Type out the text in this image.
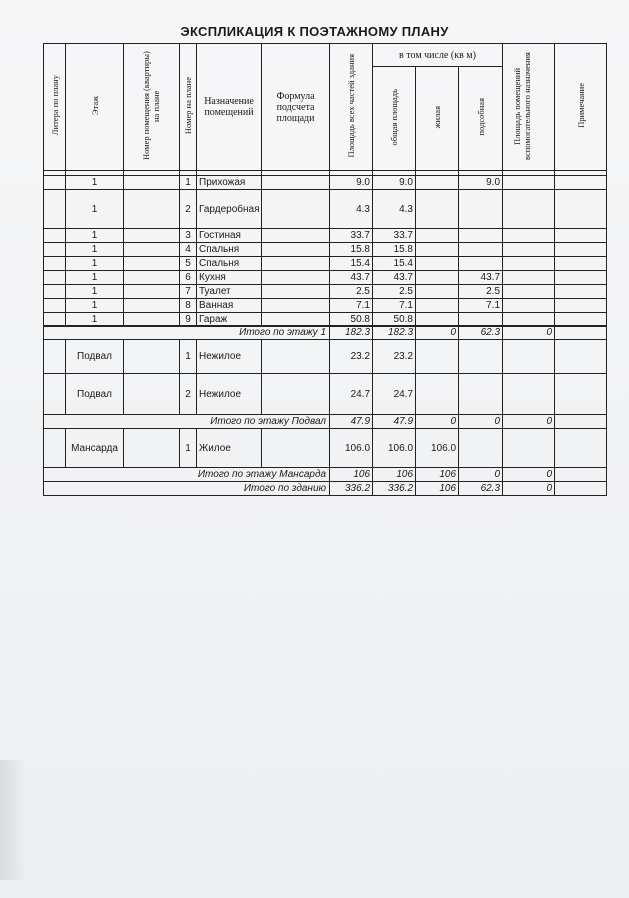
ЭКСПЛИКАЦИЯ К ПОЭТАЖНОМУ ПЛАНУ
Литера по плану	Этаж	Номер помещения (квартиры) на плане	Номер на плане	Назначение помещений	Формула подсчета площади	Площадь всех частей здания	в том числе (кв м)			Площадь помещений вспомогательного назначения	Примечание
							общая площадь	жилая	подсобная		

	1		1	Прихожая		9.0	9.0		9.0		
	1		2	Гардеробная		4.3	4.3				
	1		3	Гостиная		33.7	33.7				
	1		4	Спальня		15.8	15.8				
	1		5	Спальня		15.4	15.4				
	1		6	Кухня		43.7	43.7		43.7		
	1		7	Туалет		2.5	2.5		2.5		
	1		8	Ванная		7.1	7.1		7.1		
	1		9	Гараж		50.8	50.8				
Итого по этажу 1						182.3	182.3	0	62.3	0	
	Подвал		1	Нежилое		23.2	23.2				
	Подвал		2	Нежилое		24.7	24.7				
Итого по этажу Подвал						47.9	47.9	0	0	0	
	Мансарда		1	Жилое		106.0	106.0	106.0			
Итого по этажу Мансарда						106	106	106	0	0	
Итого по зданию						336.2	336.2	106	62.3	0	
